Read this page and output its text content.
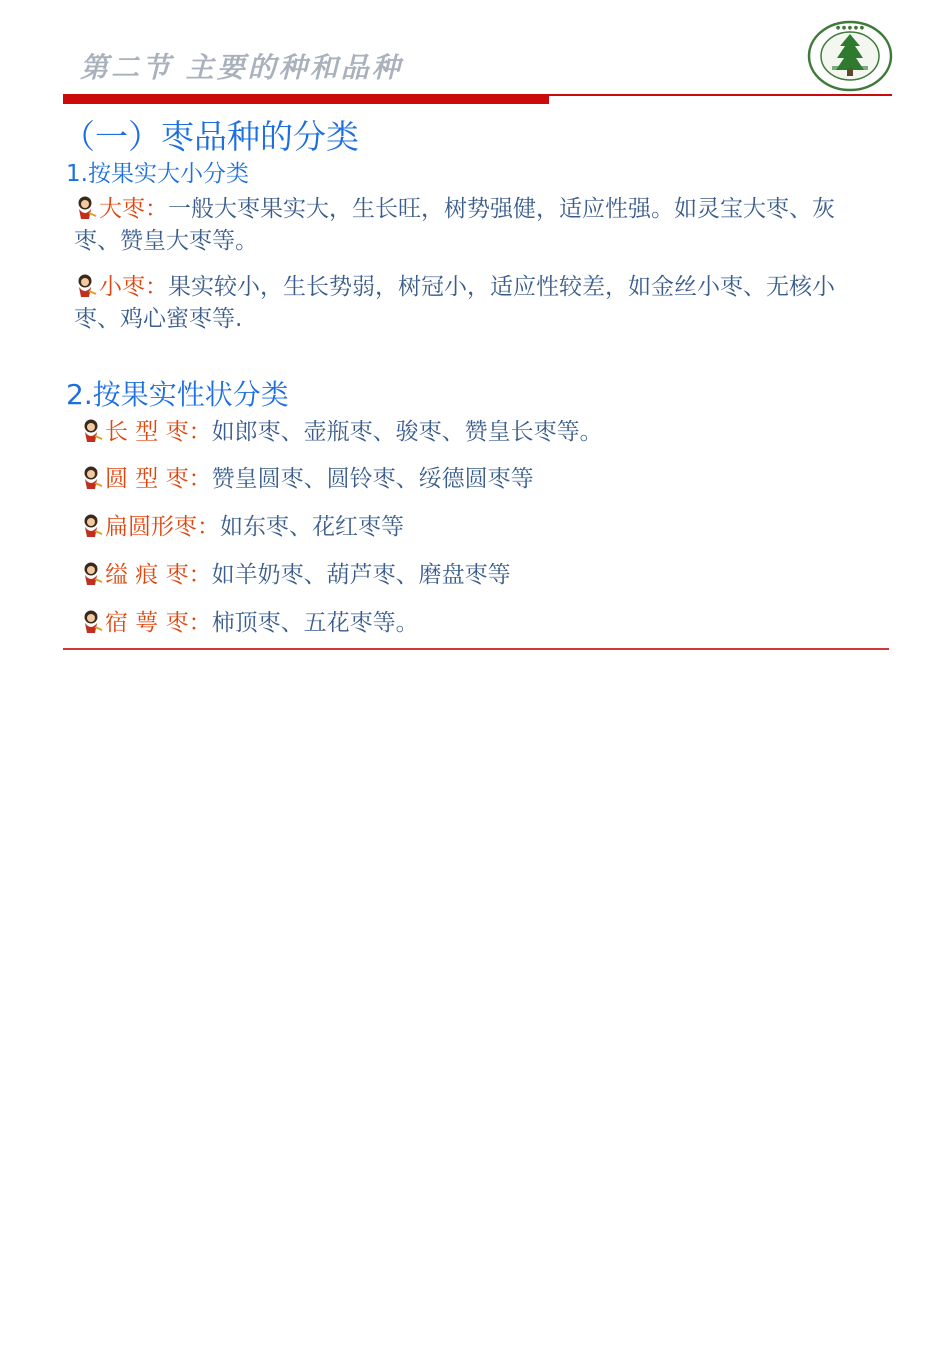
第二节 主要的种和品种
● ● ● ● ●
（一）枣品种的分类
1.按果实大小分类
大枣：一般大枣果实大，生长旺，树势强健，适应性强。如灵宝大枣、灰枣、赞皇大枣等。
小枣：果实较小，生长势弱，树冠小，适应性较差，如金丝小枣、无核小枣、鸡心蜜枣等.
2.按果实性状分类
长 型 枣：如郎枣、壶瓶枣、骏枣、赞皇长枣等。
圆 型 枣：赞皇圆枣、圆铃枣、绥德圆枣等
扁圆形枣：如东枣、花红枣等
缢 痕 枣：如羊奶枣、葫芦枣、磨盘枣等
宿 萼 枣：柿顶枣、五花枣等。
